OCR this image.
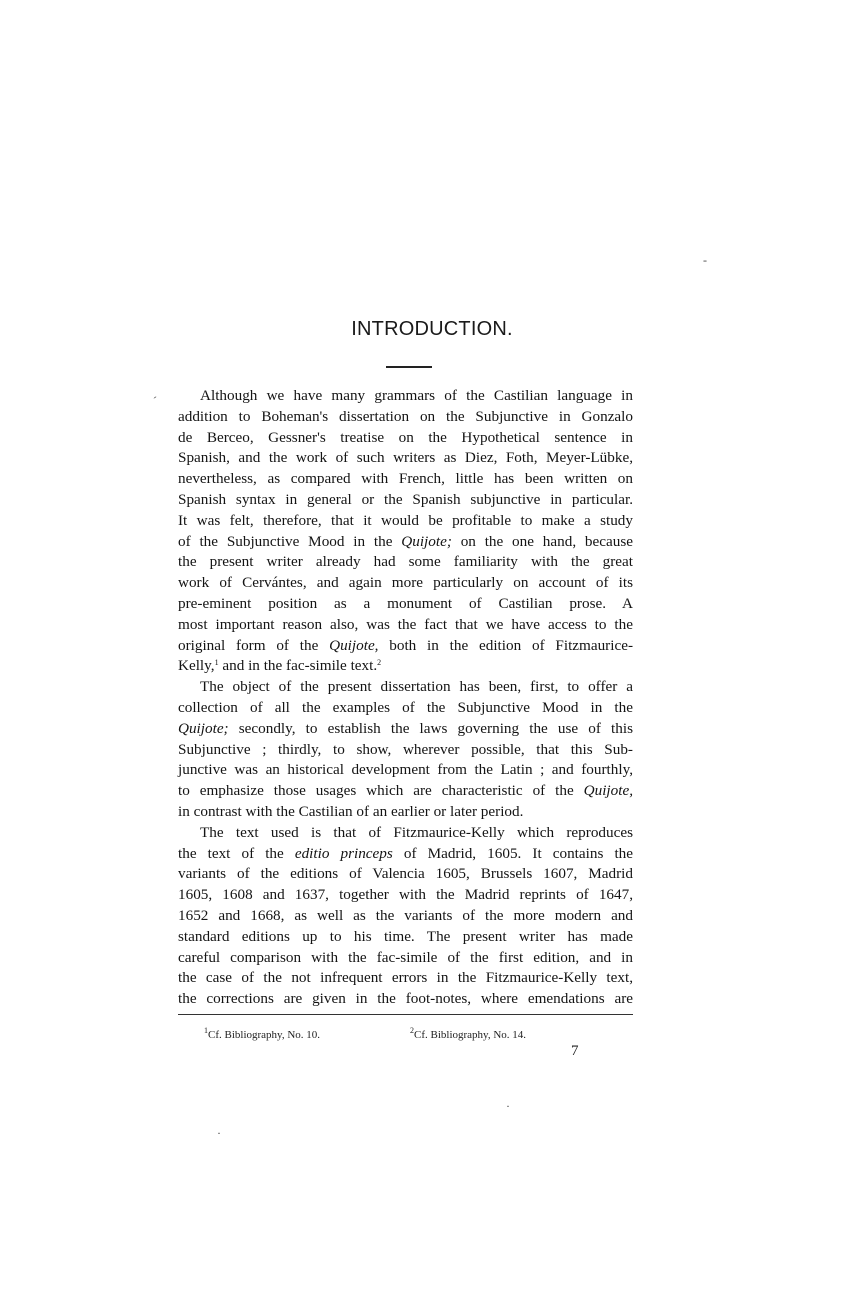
-
ˏ
·
·
INTRODUCTION.
Although we have many grammars of the Castilian language in
addition to Boheman's dissertation on the Subjunctive in Gonzalo
de Berceo, Gessner's treatise on the Hypothetical sentence in
Spanish, and the work of such writers as Diez, Foth, Meyer-Lübke,
nevertheless, as compared with French, little has been written on
Spanish syntax in general or the Spanish subjunctive in particular.
It was felt, therefore, that it would be profitable to make a study
of the Subjunctive Mood in the Quijote; on the one hand, because
the present writer already had some familiarity with the great
work of Cervántes, and again more particularly on account of its
pre-eminent position as a monument of Castilian prose. A
most important reason also, was the fact that we have access to the
original form of the Quijote, both in the edition of Fitzmaurice-
Kelly,$^1$ and in the fac-simile text.$^2$
The object of the present dissertation has been, first, to offer a
collection of all the examples of the Subjunctive Mood in the
Quijote; secondly, to establish the laws governing the use of this
Subjunctive ; thirdly, to show, wherever possible, that this Sub-
junctive was an historical development from the Latin ; and fourthly,
to emphasize those usages which are characteristic of the Quijote,
in contrast with the Castilian of an earlier or later period.
The text used is that of Fitzmaurice-Kelly which reproduces
the text of the editio princeps of Madrid, 1605. It contains the
variants of the editions of Valencia 1605, Brussels 1607, Madrid
1605, 1608 and 1637, together with the Madrid reprints of 1647,
1652 and 1668, as well as the variants of the more modern and
standard editions up to his time. The present writer has made
careful comparison with the fac-simile of the first edition, and in
the case of the not infrequent errors in the Fitzmaurice-Kelly text,
the corrections are given in the foot-notes, where emendations are
$^1$Cf. Bibliography, No. 10.	$^2$Cf. Bibliography, No. 14.
7
